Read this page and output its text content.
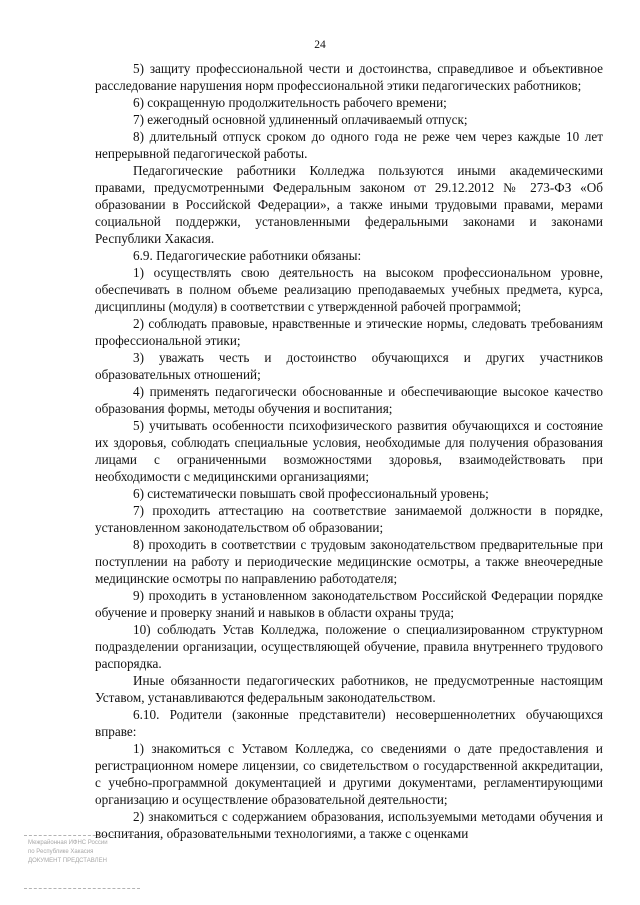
24

5) защиту профессиональной чести и достоинства, справедливое и объективное расследование нарушения норм профессиональной этики педагогических работников;

6) сокращенную продолжительность рабочего времени;

7) ежегодный основной удлиненный оплачиваемый отпуск;

8) длительный отпуск сроком до одного года не реже чем через каждые 10 лет непрерывной педагогической работы.

Педагогические работники Колледжа пользуются иными академическими правами, предусмотренными Федеральным законом от 29.12.2012 № 273-ФЗ «Об образовании в Российской Федерации», а также иными трудовыми правами, мерами социальной поддержки, установленными федеральными законами и законами Республики Хакасия.

6.9. Педагогические работники обязаны:

1) осуществлять свою деятельность на высоком профессиональном уровне, обеспечивать в полном объеме реализацию преподаваемых учебных предмета, курса, дисциплины (модуля) в соответствии с утвержденной рабочей программой;

2) соблюдать правовые, нравственные и этические нормы, следовать требованиям профессиональной этики;

3) уважать честь и достоинство обучающихся и других участников образовательных отношений;

4) применять педагогически обоснованные и обеспечивающие высокое качество образования формы, методы обучения и воспитания;

5) учитывать особенности психофизического развития обучающихся и состояние их здоровья, соблюдать специальные условия, необходимые для получения образования лицами с ограниченными возможностями здоровья, взаимодействовать при необходимости с медицинскими организациями;

6) систематически повышать свой профессиональный уровень;

7) проходить аттестацию на соответствие занимаемой должности в порядке, установленном законодательством об образовании;

8) проходить в соответствии с трудовым законодательством предварительные при поступлении на работу и периодические медицинские осмотры, а также внеочередные медицинские осмотры по направлению работодателя;

9) проходить в установленном законодательством Российской Федерации порядке обучение и проверку знаний и навыков в области охраны труда;

10) соблюдать Устав Колледжа, положение о специализированном структурном подразделении организации, осуществляющей обучение, правила внутреннего трудового распорядка.

Иные обязанности педагогических работников, не предусмотренные настоящим Уставом, устанавливаются федеральным законодательством.

6.10. Родители (законные представители) несовершеннолетних обучающихся вправе:

1) знакомиться с Уставом Колледжа, со сведениями о дате предоставления и регистрационном номере лицензии, со свидетельством о государственной аккредитации, с учебно-программной документацией и другими документами, регламентирующими организацию и осуществление образовательной деятельности;

2) знакомиться с содержанием образования, используемыми методами обучения и воспитания, образовательными технологиями, а также с оценками

Межрайонная ИФНС России
по Республике Хакасия
ДОКУМЕНТ ПРЕДСТАВЛЕН
